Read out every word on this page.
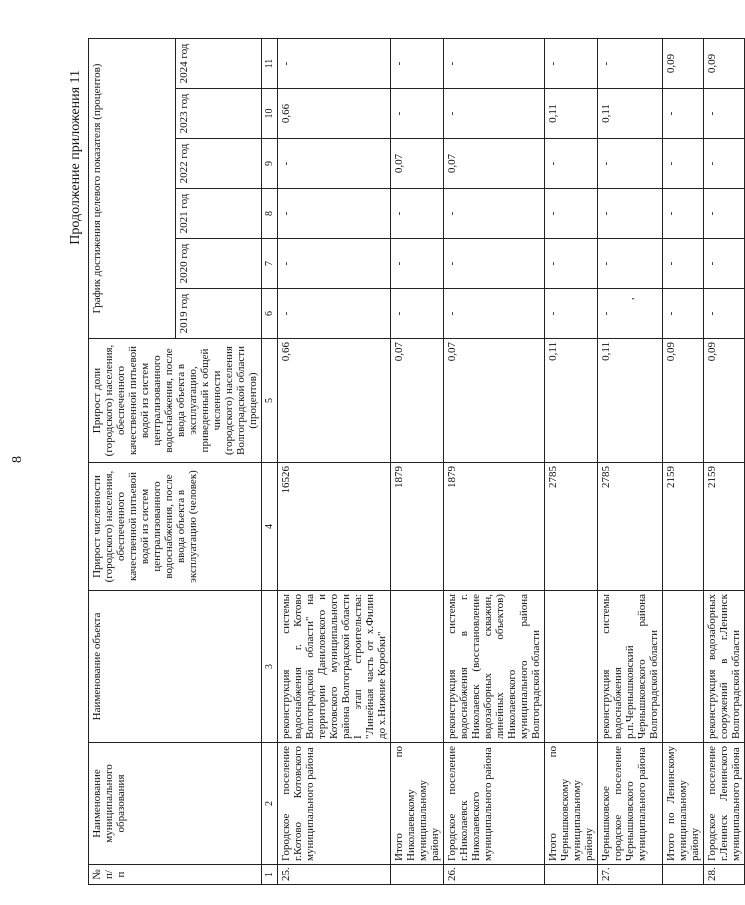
8
Продолжение приложения 11
№ п/п	Наименование муниципального образования	Наименование объекта	Прирост численности (городского) населения, обеспеченного качественной питьевой водой из систем централизованного водоснабжения, после ввода объекта в эксплуатацию (человек)	Прирост доли (городского) населения, обеспеченного качественной питьевой водой из систем централизованного водоснабжения, после ввода объекта в эксплуатацию, приведенный к общей численности (городского) населения Волгоградской области (процентов)	График достижения целевого показателя (процентов)					
					2019 год	2020 год	2021 год	2022 год	2023 год	2024 год
1	2	3	4	5	6	7	8	9	10	11
25.	Городское поселение г.Котово Котовского муниципального района	реконструкция системы водоснабжения г. Котово Волгоградской области" на территории Даниловского и Котовского муниципального района Волгоградской области I этап строительства: "Линейная часть от х.Филин до х.Нижние Коробки"	16526	0,66	-	-	-	-	0,66	-
	Итого по Николаевскому муниципальному району		1879	0,07	-	-	-	0,07	-	-
26.	Городское поселение г.Николаевск Николаевского муниципального района	реконструкция системы водоснабжения в г. Николаевск (восстановление водозаборных скважин, линейных объектов) Николаевского муниципального района Волгоградской области	1879	0,07	-	-	-	0,07	-	-
	Итого по Чернышковскому муниципальному району		2785	0,11	-	-	-	-	0,11	-
27.	Чернышковское городское поселение Чернышковского муниципального района	реконструкция системы водоснабжения р.п.Чернышковский Чернышковского района Волгоградской области	2785	0,11	-	-	-	-	0,11	-
	Итого по Ленинскому муниципальному району		2159	0,09	-	-	-	-	-	0,09
28.	Городское поселение г.Ленинск Ленинского муниципального района	реконструкция водозаборных сооружений в г.Ленинск Волгоградской области	2159	0,09	-	-	-	-	-	0,09
,
